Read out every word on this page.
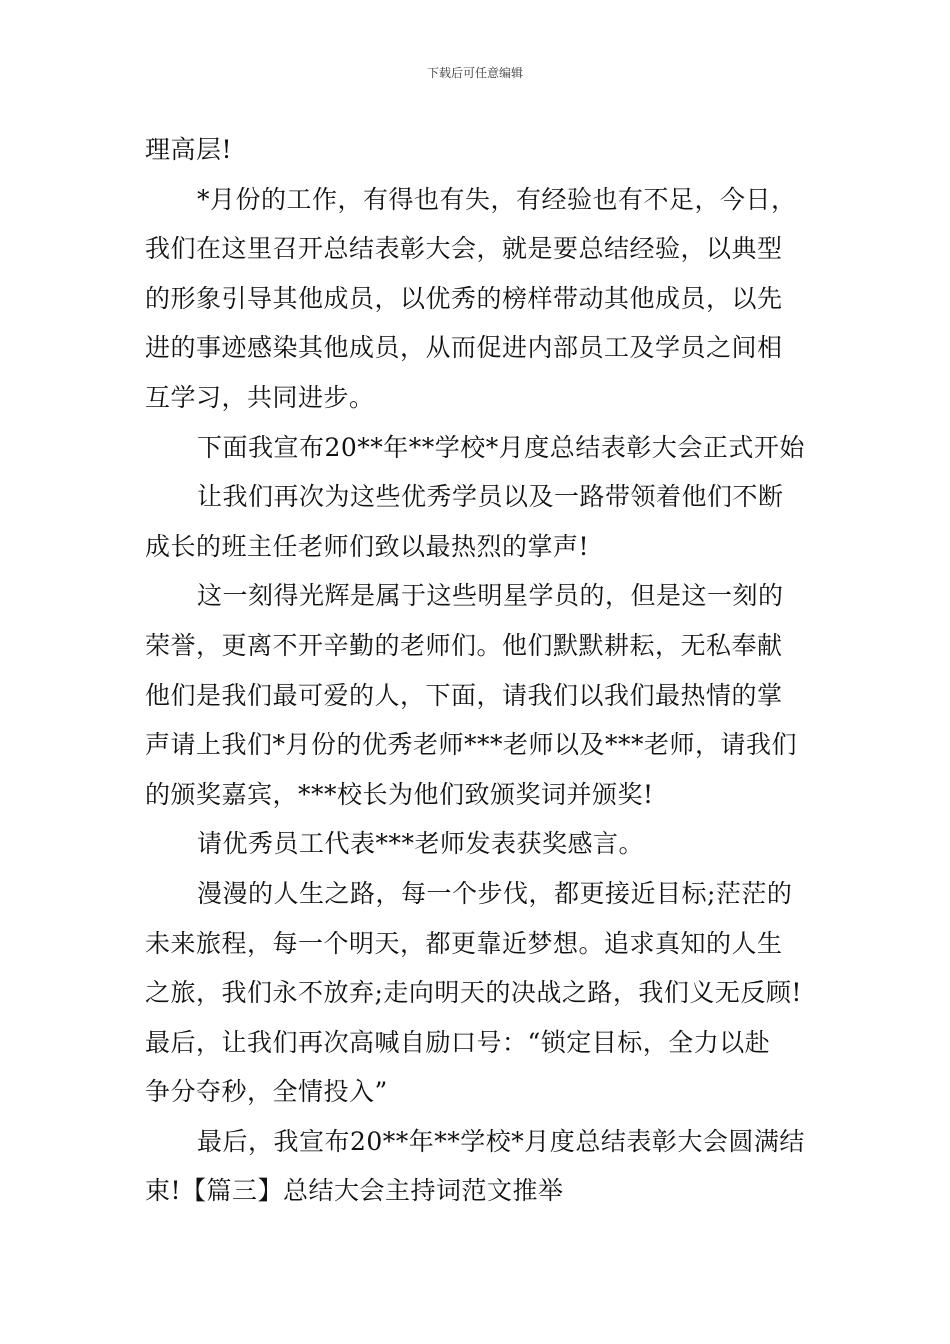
下载后可任意编辑
理高层!
*月份的工作，有得也有失，有经验也有不足，今日，
我们在这里召开总结表彰大会，就是要总结经验，以典型
的形象引导其他成员，以优秀的榜样带动其他成员，以先
进的事迹感染其他成员，从而促进内部员工及学员之间相
互学习，共同进步。
下面我宣布20**年**学校*月度总结表彰大会正式开始
让我们再次为这些优秀学员以及一路带领着他们不断
成长的班主任老师们致以最热烈的掌声!
这一刻得光辉是属于这些明星学员的，但是这一刻的
荣誉，更离不开辛勤的老师们。他们默默耕耘，无私奉献
他们是我们最可爱的人，下面，请我们以我们最热情的掌
声请上我们*月份的优秀老师***老师以及***老师，请我们
的颁奖嘉宾，***校长为他们致颁奖词并颁奖!
请优秀员工代表***老师发表获奖感言。
漫漫的人生之路，每一个步伐，都更接近目标;茫茫的
未来旅程，每一个明天，都更靠近梦想。追求真知的人生
之旅，我们永不放弃;走向明天的决战之路，我们义无反顾!
最后，让我们再次高喊自励口号：“锁定目标，全力以赴
争分夺秒，全情投入”
最后，我宣布20**年**学校*月度总结表彰大会圆满结
束!【篇三】总结大会主持词范文推举
